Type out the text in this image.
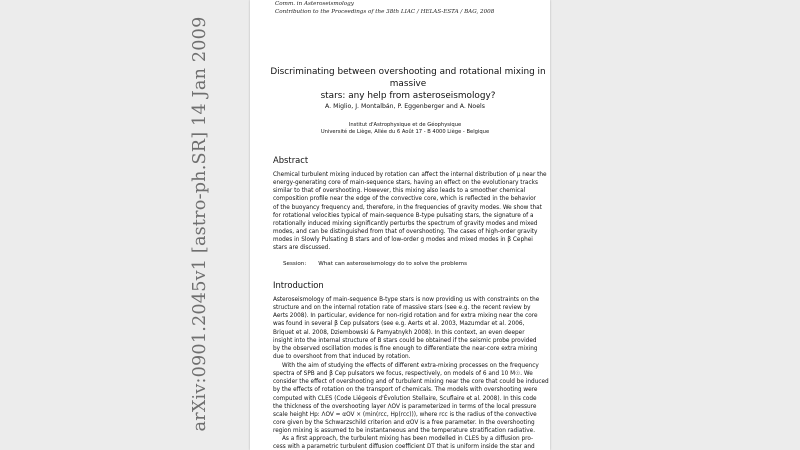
Comm. in Asteroseismology
Contribution to the Proceedings of the 38th LIAC / HELAS-ESTA / BAG, 2008
Discriminating between overshooting and rotational mixing in massive
stars: any help from asteroseismology?
A. Miglio, J. Montalbán, P. Eggenberger and A. Noels
Institut d'Astrophysique et de Géophysique
Université de Liège, Allée du 6 Août 17 - B 4000 Liège - Belgique
Abstract

Chemical turbulent mixing induced by rotation can affect the internal distribution of μ near the
energy-generating core of main-sequence stars, having an effect on the evolutionary tracks
similar to that of overshooting. However, this mixing also leads to a smoother chemical
composition profile near the edge of the convective core, which is reflected in the behavior
of the buoyancy frequency and, therefore, in the frequencies of gravity modes. We show that
for rotational velocities typical of main-sequence B-type pulsating stars, the signature of a
rotationally induced mixing significantly perturbs the spectrum of gravity modes and mixed
modes, and can be distinguished from that of overshooting. The cases of high-order gravity
modes in Slowly Pulsating B stars and of low-order g modes and mixed modes in β Cephei
stars are discussed.

Session: What can asteroseismology do to solve the problems
Introduction

Asteroseismology of main-sequence B-type stars is now providing us with constraints on the
structure and on the internal rotation rate of massive stars (see e.g. the recent review by
Aerts 2008). In particular, evidence for non-rigid rotation and for extra mixing near the core
was found in several β Cep pulsators (see e.g. Aerts et al. 2003, Mazumdar et al. 2006,
Briquet et al. 2008, Dziembowski & Pamyatnykh 2008). In this context, an even deeper
insight into the internal structure of B stars could be obtained if the seismic probe provided
by the observed oscillation modes is fine enough to differentiate the near-core extra mixing
due to overshoot from that induced by rotation.

With the aim of studying the effects of different extra-mixing processes on the frequency
spectra of SPB and β Cep pulsators we focus, respectively, on models of 6 and 10 M☉. We
consider the effect of overshooting and of turbulent mixing near the core that could be induced
by the effects of rotation on the transport of chemicals. The models with overshooting were
computed with CLES (Code Liégeois d'Évolution Stellaire, Scuflaire et al. 2008). In this code
the thickness of the overshooting layer ΛOV is parameterized in terms of the local pressure
scale height Hp: ΛOV = αOV × (min(rcc, Hp(rcc))), where rcc is the radius of the convective
core given by the Schwarzschild criterion and αOV is a free parameter. In the overshooting
region mixing is assumed to be instantaneous and the temperature stratification radiative.

As a first approach, the turbulent mixing has been modelled in CLES by a diffusion pro-
cess with a parametric turbulent diffusion coefficient DT that is uniform inside the star and

arXiv:0901.2045v1 [astro-ph.SR] 14 Jan 2009
